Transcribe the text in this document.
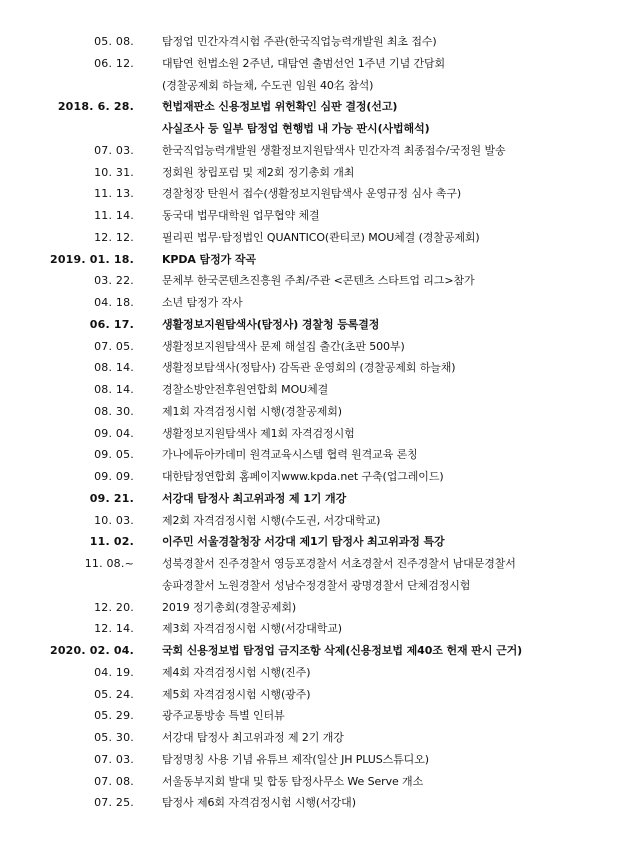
05. 08.	탐정업 민간자격시험 주관(한국직업능력개발원 최초 접수)
06. 12.	대탐연 헌법소원 2주년, 대탐연 출범선언 1주년 기념 간담회
(경찰공제회 하늘채, 수도권 임원 40名 참석)
2018. 6. 28.	헌법재판소 신용정보법 위헌확인 심판 결정(선고)
사실조사 등 일부 탐정업 현행법 내 가능 판시(사법해석)
07. 03.	한국직업능력개발원 생활정보지원탐색사 민간자격 최종접수/국정원 발송
10. 31.	정회원 창립포럼 및 제2회 정기총회 개최
11. 13.	경찰청장 탄원서 접수(생활정보지원탐색사 운영규정 심사 촉구)
11. 14.	동국대 법무대학원 업무협약 체결
12. 12.	필리핀 법무·탐정법인 QUANTICO(콴티코) MOU체결 (경찰공제회)
2019. 01. 18.	KPDA 탐정가 작곡
03. 22.	문체부 한국콘텐츠진흥원 주최/주관 <콘텐츠 스타트업 리그>참가
04. 18.	소년 탐정가 작사
06. 17.	생활정보지원탐색사(탐정사) 경찰청 등록결정
07. 05.	생활정보지원탐색사 문제 해설집 출간(초판 500부)
08. 14.	생활정보탐색사(정탐사) 감독관 운영회의 (경찰공제회 하늘채)
08. 14.	경찰소방안전후원연합회 MOU체결
08. 30.	제1회 자격검정시험 시행(경찰공제회)
09. 04.	생활정보지원탐색사 제1회 자격검정시험
09. 05.	가나에듀아카데미 원격교육시스템 협력 원격교육 론칭
09. 09.	대한탐정연합회 홈페이지www.kpda.net 구축(업그레이드)
09. 21.	서강대 탐정사 최고위과정 제 1기 개강
10. 03.	제2회 자격검정시험 시행(수도권, 서강대학교)
11. 02.	이주민 서울경찰청장 서강대 제1기 탐정사 최고위과정 특강
11. 08.~	성북경찰서 진주경찰서 영등포경찰서 서초경찰서 진주경찰서 남대문경찰서
송파경찰서 노원경찰서 성남수정경찰서 광명경찰서 단체검정시험
12. 20.	2019 정기총회(경찰공제회)
12. 14.	제3회 자격검정시험 시행(서강대학교)
2020. 02. 04.	국회 신용정보법 탐정업 금지조항 삭제(신용정보법 제40조 헌재 판시 근거)
04. 19.	제4회 자격검정시험 시행(진주)
05. 24.	제5회 자격검정시험 시행(광주)
05. 29.	광주교통방송 특별 인터뷰
05. 30.	서강대 탐정사 최고위과정 제 2기 개강
07. 03.	탐정명칭 사용 기념 유튜브 제작(일산 JH PLUS스튜디오)
07. 08.	서울동부지회 발대 및 합동 탐정사무소 We Serve 개소
07. 25.	탐정사 제6회 자격검정시험 시행(서강대)
